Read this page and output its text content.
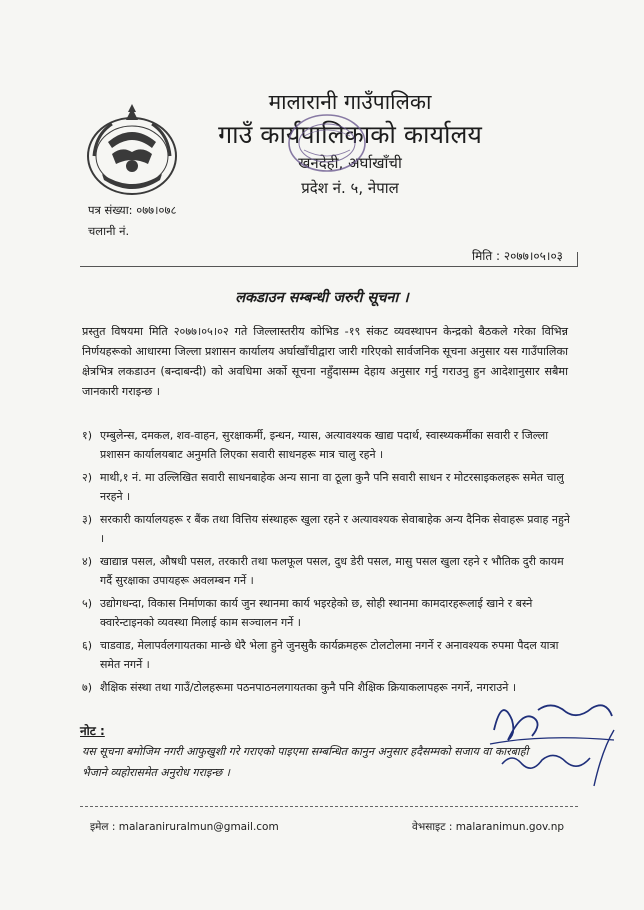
मालारानी गाउँपालिका
गाउँ कार्यपालिकाको कार्यालय
खनदेही, अर्घाखाँची
प्रदेश नं. ५, नेपाल
पत्र संख्या: ०७७।०७८
चलानी नं.
मिति : २०७७।०५।०३
लकडाउन सम्बन्धी जरुरी सूचना ।
प्रस्तुत विषयमा मिति २०७७।०५।०२ गते जिल्लास्तरीय कोभिड -१९ संकट व्यवस्थापन केन्द्रको बैठकले गरेका विभिन्न निर्णयहरूको आधारमा जिल्ला प्रशासन कार्यालय अर्घाखाँचीद्वारा जारी गरिएको सार्वजनिक सूचना अनुसार यस गाउँपालिका क्षेत्रभित्र लकडाउन (बन्दाबन्दी) को अवधिमा अर्को सूचना नहुँदासम्म देहाय अनुसार गर्नु गराउनु हुन आदेशानुसार सबैमा जानकारी गराइन्छ ।
१) एम्बुलेन्स, दमकल, शव-वाहन, सुरक्षाकर्मी, इन्धन, ग्यास, अत्यावश्यक खाद्य पदार्थ, स्वास्थ्यकर्मीका सवारी र जिल्ला प्रशासन कार्यालयबाट अनुमति लिएका सवारी साधनहरू मात्र चालु रहने ।
२) माथी,१ नं. मा उल्लिखित सवारी साधनबाहेक अन्य साना वा ठूला कुनै पनि सवारी साधन र मोटरसाइकलहरू समेत चालु नरहने ।
३) सरकारी कार्यालयहरू र बैंक तथा वित्तिय संस्थाहरू खुला रहने र अत्यावश्यक सेवाबाहेक अन्य दैनिक सेवाहरू प्रवाह नहुने ।
४) खाद्यान्न पसल, औषधी पसल, तरकारी तथा फलफूल पसल, दुध डेरी पसल, मासु पसल खुला रहने र भौतिक दुरी कायम गर्दै सुरक्षाका उपायहरू अवलम्बन गर्ने ।
५) उद्योगधन्दा, विकास निर्माणका कार्य जुन स्थानमा कार्य भइरहेको छ, सोही स्थानमा कामदारहरूलाई खाने र बस्ने क्वारेन्टाइनको व्यवस्था मिलाई काम सञ्चालन गर्ने ।
६) चाडवाड, मेलापर्वलगायतका मान्छे धेरै भेला हुने जुनसुकै कार्यक्रमहरू टोलटोलमा नगर्ने र अनावश्यक रुपमा पैदल यात्रा समेत नगर्ने ।
७) शैक्षिक संस्था तथा गाउँ/टोलहरूमा पठनपाठनलगायतका कुनै पनि शैक्षिक क्रियाकलापहरू नगर्ने, नगराउने ।
नोट :
यस सूचना बमोजिम नगरी आफुखुशी गरे गराएको पाइएमा सम्बन्धित कानुन अनुसार हदैसम्मको सजाय वा कारबाही भैजाने व्यहोरासमेत अनुरोध गराइन्छ ।
इमेल : malaraniruralmun@gmail.com	वेभसाइट : malaranimun.gov.np
